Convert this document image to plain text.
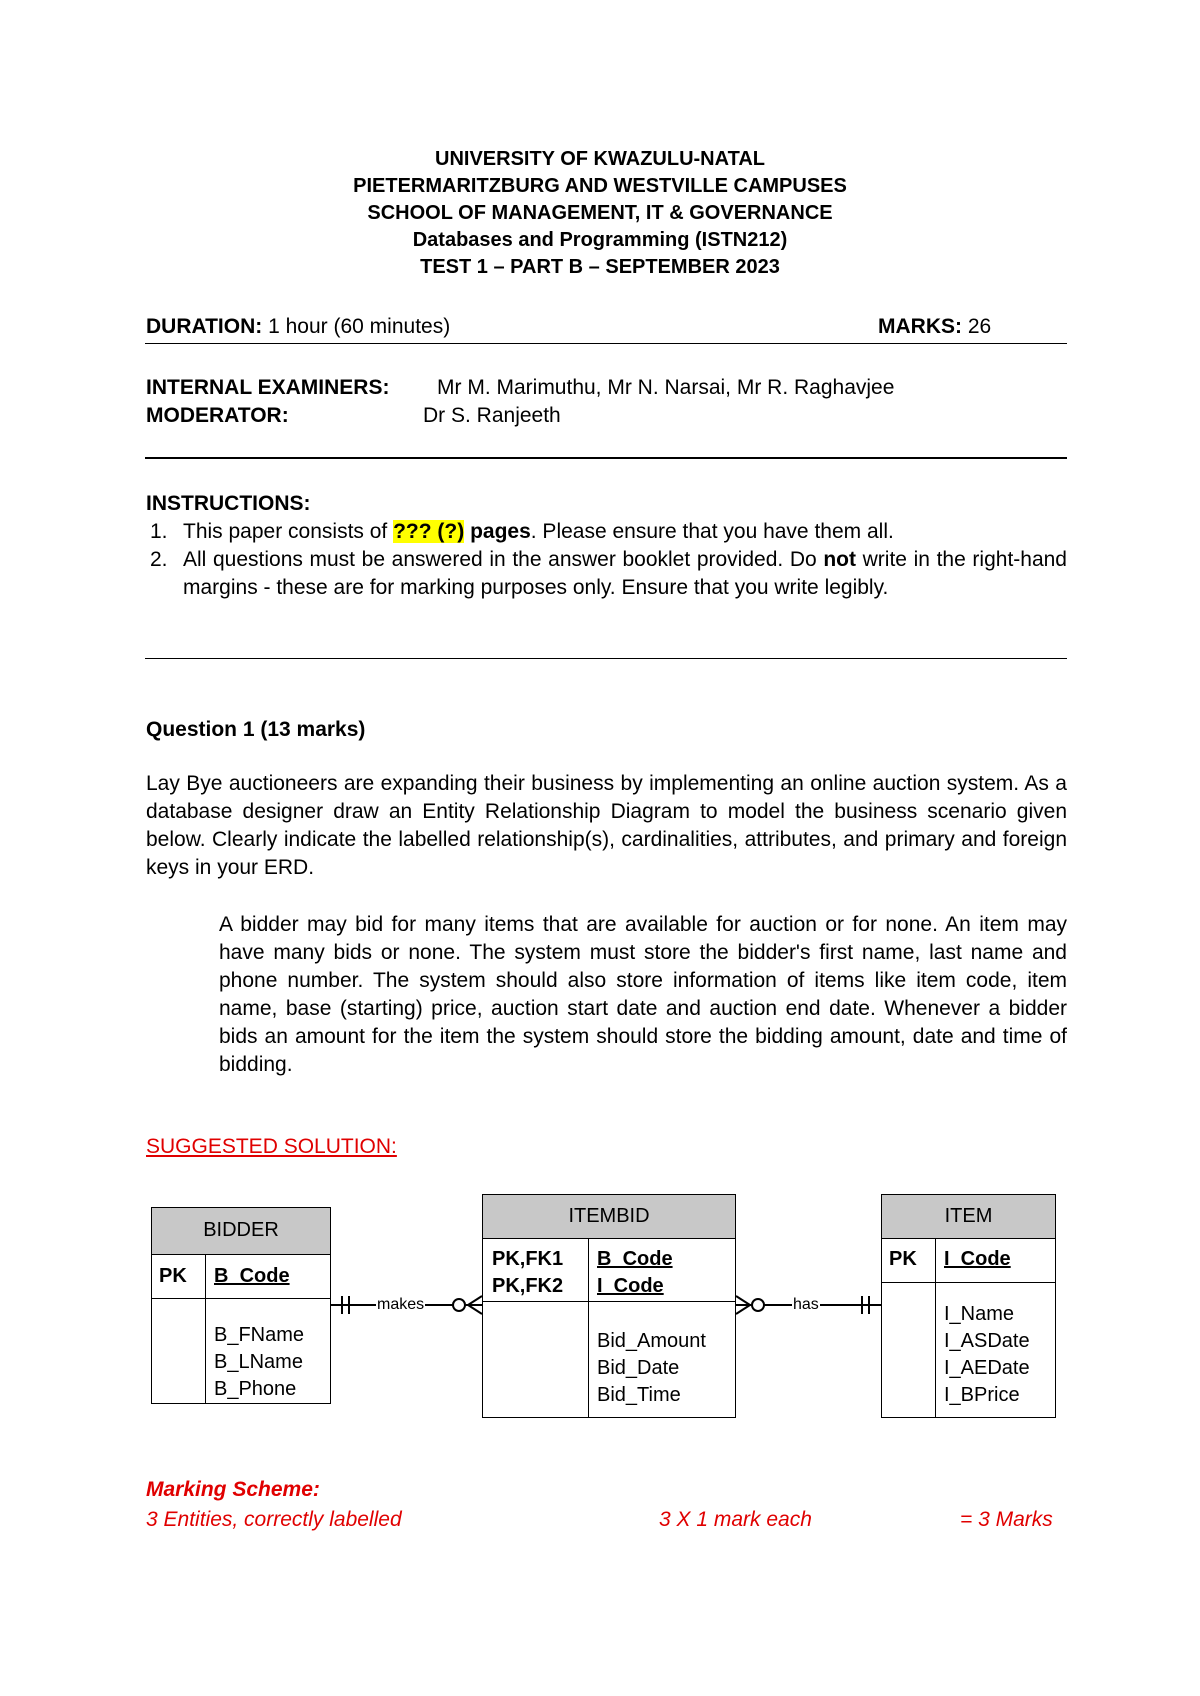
UNIVERSITY OF KWAZULU-NATAL
PIETERMARITZBURG AND WESTVILLE CAMPUSES
SCHOOL OF MANAGEMENT, IT & GOVERNANCE
Databases and Programming (ISTN212)
TEST 1 – PART B – SEPTEMBER 2023
DURATION: 1 hour (60 minutes)	MARKS: 26
INTERNAL EXAMINERS: Mr M. Marimuthu, Mr N. Narsai, Mr R. Raghavjee
MODERATOR:	Dr S. Ranjeeth
INSTRUCTIONS:
1. This paper consists of ??? (?) pages. Please ensure that you have them all.
2. All questions must be answered in the answer booklet provided. Do not write in the right-hand margins - these are for marking purposes only. Ensure that you write legibly.
Question 1 (13 marks)
Lay Bye auctioneers are expanding their business by implementing an online auction system. As a database designer draw an Entity Relationship Diagram to model the business scenario given below. Clearly indicate the labelled relationship(s), cardinalities, attributes, and primary and foreign keys in your ERD.
A bidder may bid for many items that are available for auction or for none. An item may have many bids or none. The system must store the bidder's first name, last name and phone number. The system should also store information of items like item code, item name, base (starting) price, auction start date and auction end date. Whenever a bidder bids an amount for the item the system should store the bidding amount, date and time of bidding.
SUGGESTED SOLUTION:
BIDDER
PK B_Code
B_FName
B_LName
B_Phone
ITEMBID
PK,FK1
PK,FK2
B_Code
I_Code
Bid_Amount
Bid_Date
Bid_Time
ITEM
PK I_Code
I_Name
I_ASDate
I_AEDate
I_BPrice
makes	has
Marking Scheme:
3 Entities, correctly labelled	3 X 1 mark each	= 3 Marks
